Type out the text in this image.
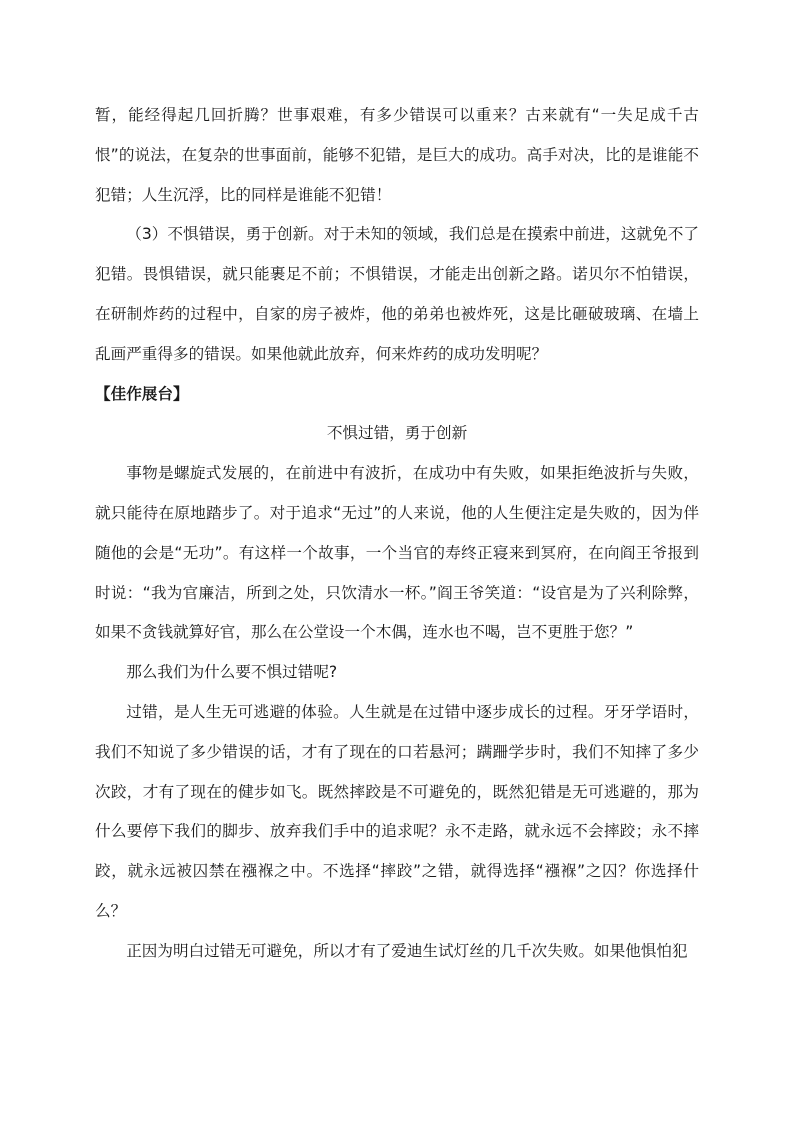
暂，能经得起几回折腾？世事艰难，有多少错误可以重来？古来就有“一失足成千古恨”的说法，在复杂的世事面前，能够不犯错，是巨大的成功。高手对决，比的是谁能不犯错；人生沉浮，比的同样是谁能不犯错！

（3）不惧错误，勇于创新。对于未知的领域，我们总是在摸索中前进，这就免不了犯错。畏惧错误，就只能裹足不前；不惧错误，才能走出创新之路。诺贝尔不怕错误，在研制炸药的过程中，自家的房子被炸，他的弟弟也被炸死，这是比砸破玻璃、在墙上乱画严重得多的错误。如果他就此放弃，何来炸药的成功发明呢？

【佳作展台】

不惧过错，勇于创新

事物是螺旋式发展的，在前进中有波折，在成功中有失败，如果拒绝波折与失败，就只能待在原地踏步了。对于追求“无过”的人来说，他的人生便注定是失败的，因为伴随他的会是“无功”。有这样一个故事，一个当官的寿终正寝来到冥府，在向阎王爷报到时说：“我为官廉洁，所到之处，只饮清水一杯。”阎王爷笑道：“设官是为了兴利除弊，如果不贪钱就算好官，那么在公堂设一个木偶，连水也不喝，岂不更胜于您？”

那么我们为什么要不惧过错呢?

过错，是人生无可逃避的体验。人生就是在过错中逐步成长的过程。牙牙学语时，我们不知说了多少错误的话，才有了现在的口若悬河；蹒跚学步时，我们不知摔了多少次跤，才有了现在的健步如飞。既然摔跤是不可避免的，既然犯错是无可逃避的，那为什么要停下我们的脚步、放弃我们手中的追求呢？永不走路，就永远不会摔跤；永不摔跤，就永远被囚禁在襁褓之中。不选择“摔跤”之错，就得选择“襁褓”之囚？你选择什么？

正因为明白过错无可避免，所以才有了爱迪生试灯丝的几千次失败。如果他惧怕犯
